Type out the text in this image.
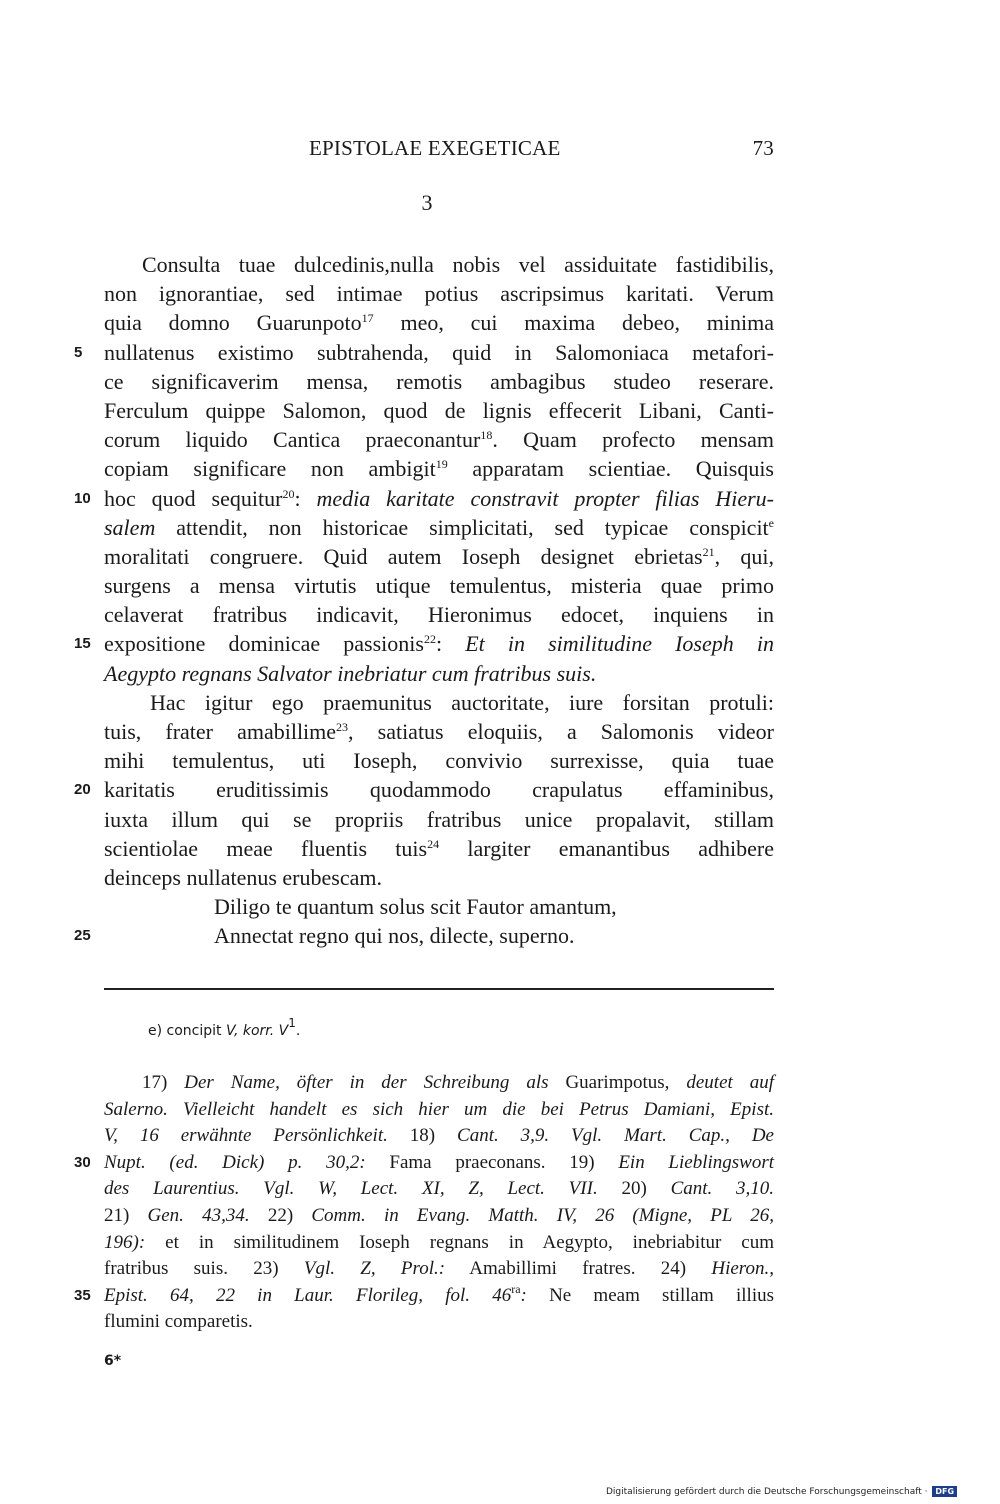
EPISTOLAE EXEGETICAE	73
3
Consulta tuae dulcedinis,nulla nobis vel assiduitate fastidibilis,
non ignorantiae, sed intimae potius ascripsimus karitati. Verum
quia domno Guarunpoto$^{17}$ meo, cui maxima debeo, minima
5 nullatenus existimo subtrahenda, quid in Salomoniaca metafori-
ce significaverim mensa, remotis ambagibus studeo reserare.
Ferculum quippe Salomon, quod de lignis effecerit Libani, Canti-
corum liquido Cantica praeconantur$^{18}$. Quam profecto mensam
copiam significare non ambigit$^{19}$ apparatam scientiae. Quisquis
10 hoc quod sequitur$^{20}$: media karitate constravit propter filias Hieru-
salem attendit, non historicae simplicitati, sed typicae conspicit$^e$
moralitati congruere. Quid autem Ioseph designet ebrietas$^{21}$, qui,
surgens a mensa virtutis utique temulentus, misteria quae primo
celaverat fratribus indicavit, Hieronimus edocet, inquiens in
15 expositione dominicae passionis$^{22}$: Et in similitudine Ioseph in
Aegypto regnans Salvator inebriatur cum fratribus suis.
Hac igitur ego praemunitus auctoritate, iure forsitan protuli:
tuis, frater amabillime$^{23}$, satiatus eloquiis, a Salomonis videor
mihi temulentus, uti Ioseph, convivio surrexisse, quia tuae
20 karitatis eruditissimis quodammodo crapulatus effaminibus,
iuxta illum qui se propriis fratribus unice propalavit, stillam
scientiolae meae fluentis tuis$^{24}$ largiter emanantibus adhibere
deinceps nullatenus erubescam.
Diligo te quantum solus scit Fautor amantum,
25	Annectat regno qui nos, dilecte, superno.
e) concipit V, korr. $V^1$.
17) Der Name, öfter in der Schreibung als Guarimpotus, deutet auf
Salerno. Vielleicht handelt es sich hier um die bei Petrus Damiani, Epist.
V, 16 erwähnte Persönlichkeit. 18) Cant. 3,9. Vgl. Mart. Cap., De
30 Nupt. (ed. Dick) p. 30,2: Fama praeconans. 19) Ein Lieblingswort
des Laurentius. Vgl. W, Lect. XI, Z, Lect. VII. 20) Cant. 3,10.
21) Gen. 43,34. 22) Comm. in Evang. Matth. IV, 26 (Migne, PL 26,
196): et in similitudinem Ioseph regnans in Aegypto, inebriabitur cum
fratribus suis. 23) Vgl. Z, Prol.: Amabillimi fratres. 24) Hieron.,
35 Epist. 64, 22 in Laur. Florileg, fol. $46^{ra}$: Ne meam stillam illius
flumini comparetis.
6*
Digitalisierung gefördert durch die Deutsche Forschungsgemeinschaft · DFG
